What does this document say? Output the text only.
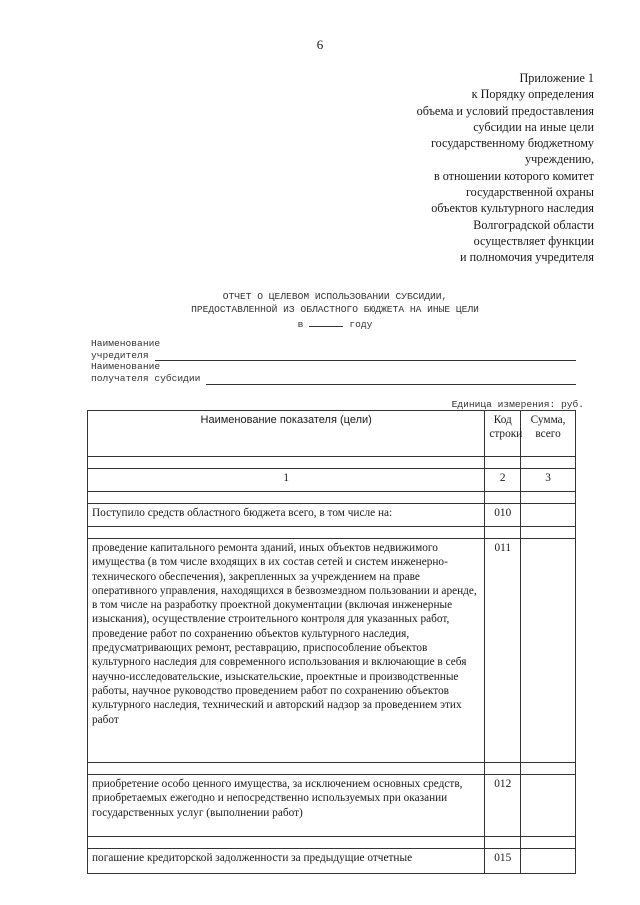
6
Приложение 1
к Порядку определения
объема и условий предоставления
субсидии на иные цели
государственному бюджетному
учреждению,
в отношении которого комитет
государственной охраны
объектов культурного наследия
Волгоградской области
осуществляет функции
и полномочия учредителя
ОТЧЕТ О ЦЕЛЕВОМ ИСПОЛЬЗОВАНИИ СУБСИДИИ,
ПРЕДОСТАВЛЕННОЙ ИЗ ОБЛАСТНОГО БЮДЖЕТА НА ИНЫЕ ЦЕЛИ
в	году
Наименование
учредителя
Наименование
получателя субсидии
Единица измерения: руб.
Наименование показателя (цели)	Код строки	Сумма, всего

1	2	3

Поступило средств областного бюджета всего, в том числе на:	010	

проведение капитального ремонта зданий, иных объектов недвижимого имущества (в том числе входящих в их состав сетей и систем инженерно-технического обеспечения), закрепленных за учреждением на праве оперативного управления, находящихся в безвозмездном пользовании и аренде, в том числе на разработку проектной документации (включая инженерные изыскания), осуществление строительного контроля для указанных работ, проведение работ по сохранению объектов культурного наследия, предусматривающих ремонт, реставрацию, приспособление объектов культурного наследия для современного использования и включающие в себя научно-исследовательские, изыскательские, проектные и производственные работы, научное руководство проведением работ по сохранению объектов культурного наследия, технический и авторский надзор за проведением этих работ	011	

приобретение особо ценного имущества, за исключением основных средств, приобретаемых ежегодно и непосредственно используемых при оказании государственных услуг (выполнении работ)	012	

погашение кредиторской задолженности за предыдущие отчетные	015	
